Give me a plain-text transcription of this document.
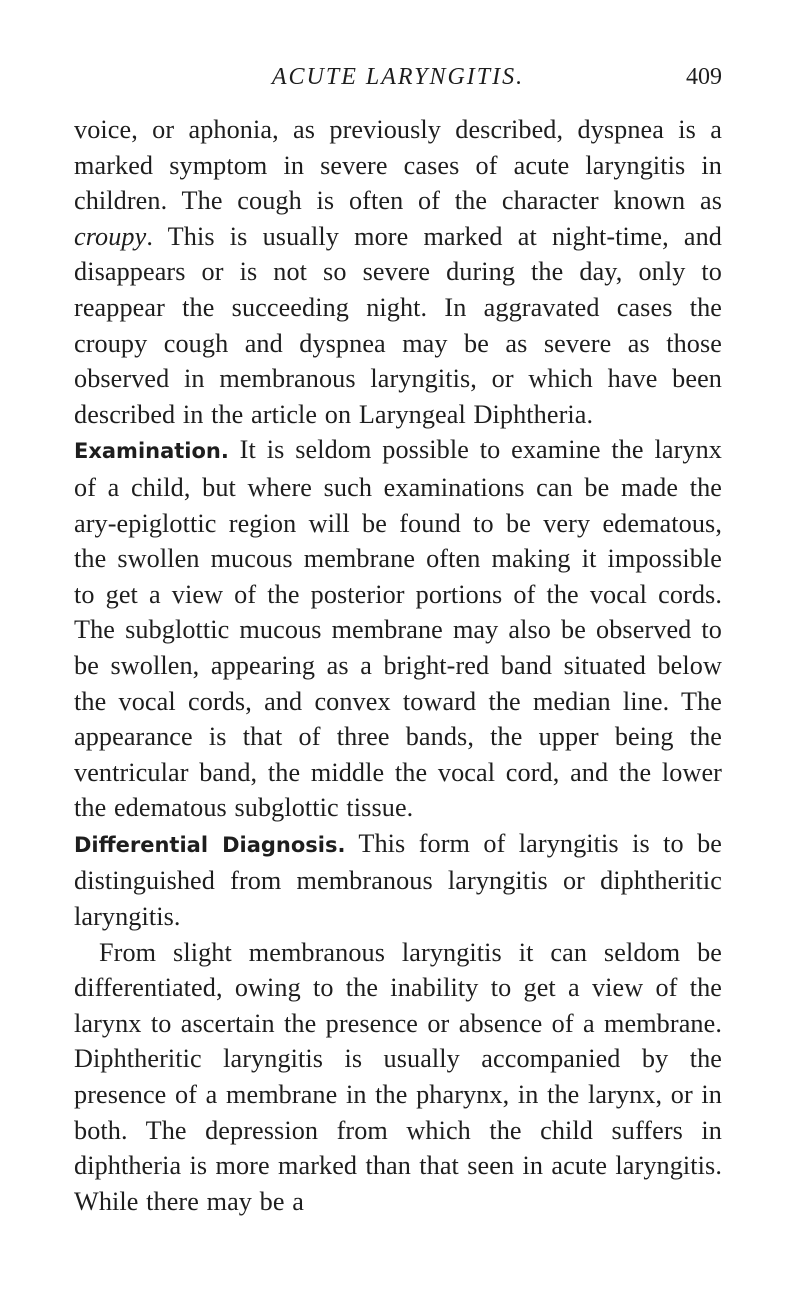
ACUTE LARYNGITIS.	409

voice, or aphonia, as previously described, dyspnea is a marked symptom in severe cases of acute laryngitis in children. The cough is often of the character known as croupy. This is usually more marked at night-time, and disappears or is not so severe during the day, only to reappear the succeeding night. In aggravated cases the croupy cough and dyspnea may be as severe as those observed in membranous laryngitis, or which have been described in the article on Laryngeal Diphtheria.

Examination. It is seldom possible to examine the larynx of a child, but where such examinations can be made the ary-epiglottic region will be found to be very edematous, the swollen mucous membrane often making it impossible to get a view of the posterior portions of the vocal cords. The subglottic mucous membrane may also be observed to be swollen, appearing as a bright-red band situated below the vocal cords, and convex toward the median line. The appearance is that of three bands, the upper being the ventricular band, the middle the vocal cord, and the lower the edematous subglottic tissue.

Differential Diagnosis. This form of laryngitis is to be distinguished from membranous laryngitis or diphtheritic laryngitis.

From slight membranous laryngitis it can seldom be differentiated, owing to the inability to get a view of the larynx to ascertain the presence or absence of a membrane. Diphtheritic laryngitis is usually accompanied by the presence of a membrane in the pharynx, in the larynx, or in both. The depression from which the child suffers in diphtheria is more marked than that seen in acute laryngitis. While there may be a
